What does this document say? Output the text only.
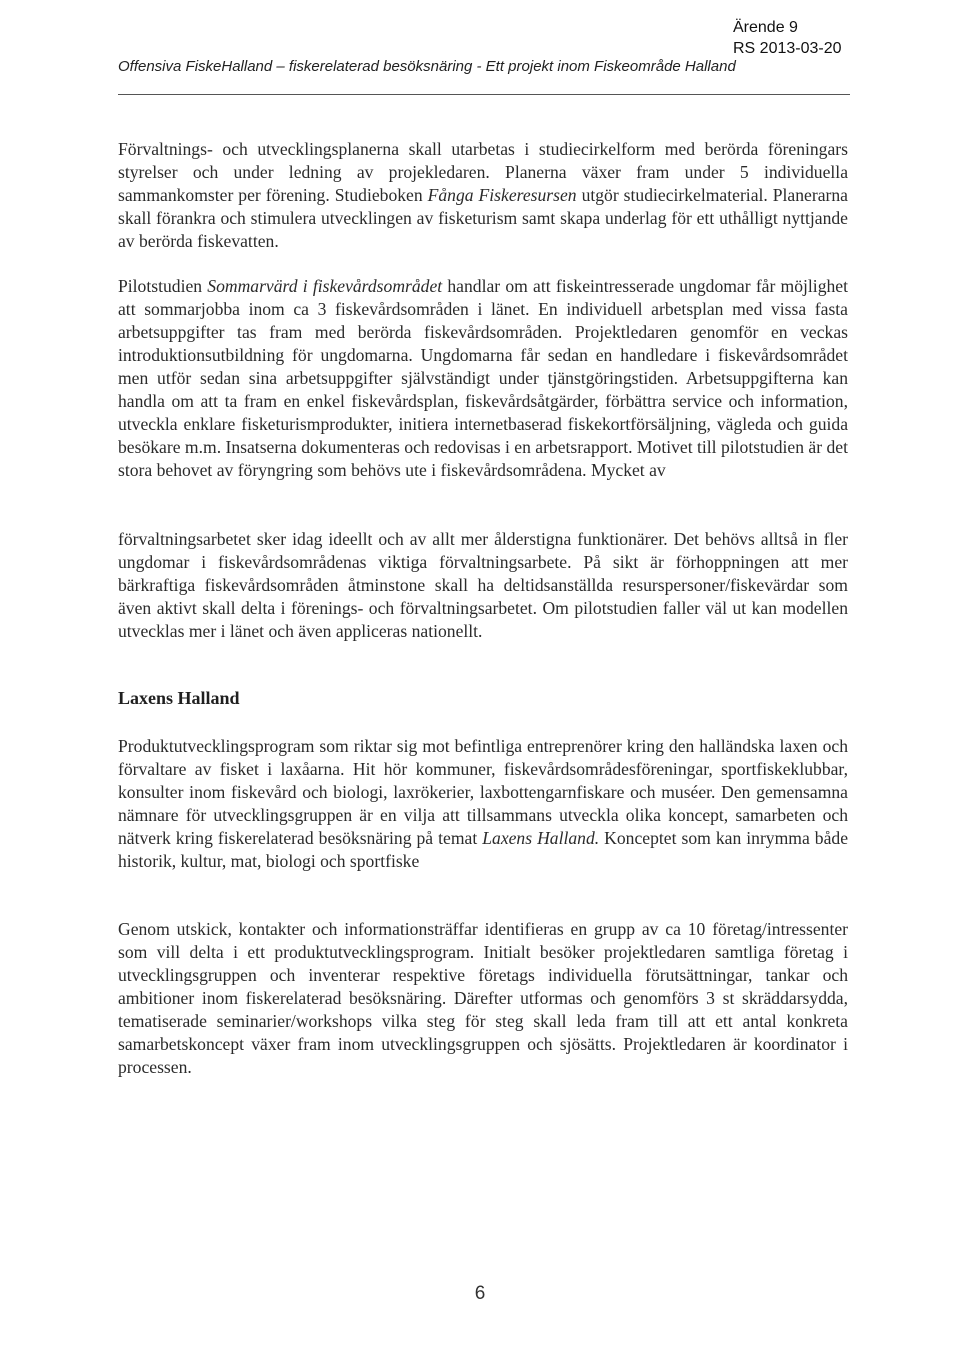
Ärende 9
RS 2013-03-20
Offensiva FiskeHalland – fiskerelaterad besöksnäring - Ett projekt inom Fiskeområde Halland

Förvaltnings- och utvecklingsplanerna skall utarbetas i studiecirkelform med berörda föreningars styrelser och under ledning av projekledaren. Planerna växer fram under 5 individuella sammankomster per förening. Studieboken Fånga Fiskeresursen utgör studiecirkelmaterial. Planerarna skall förankra och stimulera utvecklingen av fisketurism samt skapa underlag för ett uthålligt nyttjande av berörda fiskevatten.

Pilotstudien Sommarvärd i fiskevårdsområdet handlar om att fiskeintresserade ungdomar får möjlighet att sommarjobba inom ca 3 fiskevårdsområden i länet. En individuell arbetsplan med vissa fasta arbetsuppgifter tas fram med berörda fiskevårdsområden. Projektledaren genomför en veckas introduktionsutbildning för ungdomarna. Ungdomarna får sedan en handledare i fiskevårdsområdet men utför sedan sina arbetsuppgifter självständigt under tjänstgöringstiden. Arbetsuppgifterna kan handla om att ta fram en enkel fiskevårdsplan, fiskevårdsåtgärder, förbättra service och information, utveckla enklare fisketurismprodukter, initiera internetbaserad fiskekortförsäljning, vägleda och guida besökare m.m. Insatserna dokumenteras och redovisas i en arbetsrapport. Motivet till pilotstudien är det stora behovet av föryngring som behövs ute i fiskevårdsområdena. Mycket av

förvaltningsarbetet sker idag ideellt och av allt mer ålderstigna funktionärer. Det behövs alltså in fler ungdomar i fiskevårdsområdenas viktiga förvaltningsarbete. På sikt är förhoppningen att mer bärkraftiga fiskevårdsområden åtminstone skall ha deltidsanställda resurspersoner/fiskevärdar som även aktivt skall delta i förenings- och förvaltningsarbetet. Om pilotstudien faller väl ut kan modellen utvecklas mer i länet och även appliceras nationellt.

Laxens Halland

Produktutvecklingsprogram som riktar sig mot befintliga entreprenörer kring den halländska laxen och förvaltare av fisket i laxåarna. Hit hör kommuner, fiskevårdsområdesföreningar, sportfiskeklubbar, konsulter inom fiskevård och biologi, laxrökerier, laxbottengarnfiskare och muséer. Den gemensamna nämnare för utvecklingsgruppen är en vilja att tillsammans utveckla olika koncept, samarbeten och nätverk kring fiskerelaterad besöksnäring på temat Laxens Halland. Konceptet som kan inrymma både historik, kultur, mat, biologi och sportfiske

Genom utskick, kontakter och informationsträffar identifieras en grupp av ca 10 företag/intressenter som vill delta i ett produktutvecklingsprogram. Initialt besöker projektledaren samtliga företag i utvecklingsgruppen och inventerar respektive företags individuella förutsättningar, tankar och ambitioner inom fiskerelaterad besöksnäring. Därefter utformas och genomförs 3 st skräddarsydda, tematiserade seminarier/workshops vilka steg för steg skall leda fram till att ett antal konkreta samarbetskoncept växer fram inom utvecklingsgruppen och sjösätts. Projektledaren är koordinator i processen.

6
